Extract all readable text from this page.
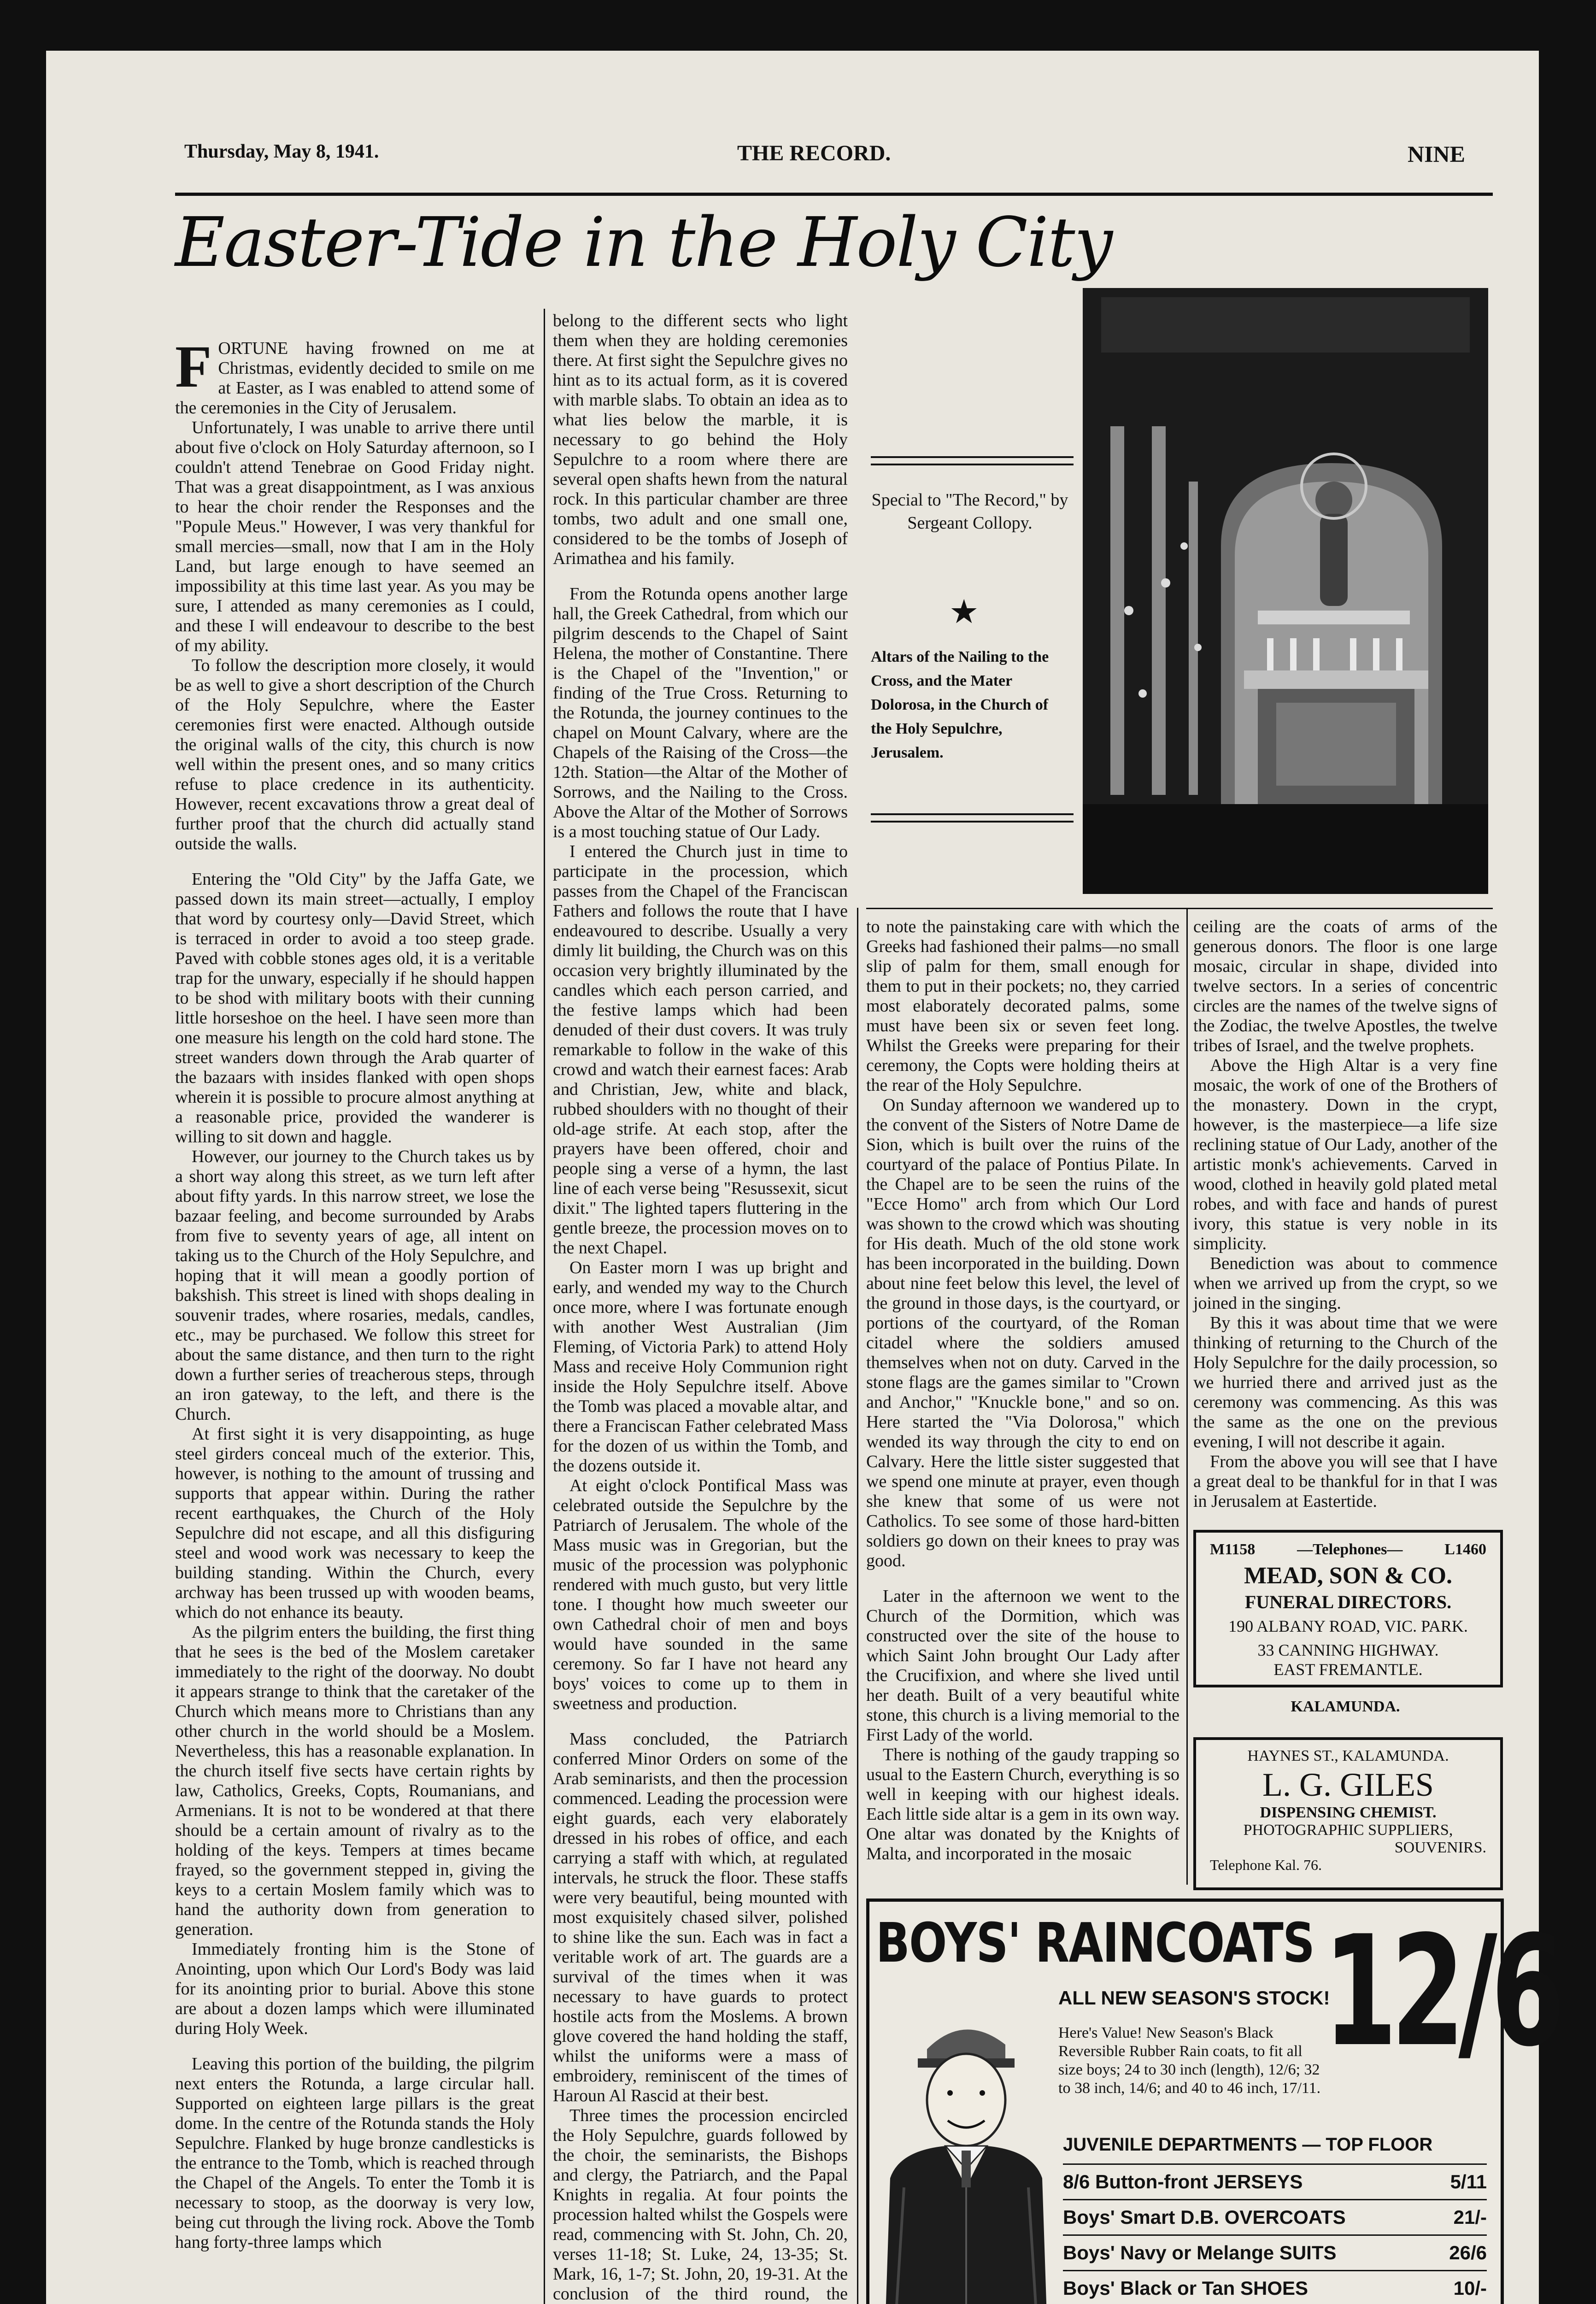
Thursday, May 8, 1941.	THE RECORD.	NINE
Easter-Tide in the Holy City

FORTUNE having frowned on me at Christmas, evidently decided to smile on me at Easter, as I was enabled to attend some of the ceremonies in the City of Jerusalem.

Unfortunately, I was unable to arrive there until about five o'clock on Holy Saturday afternoon, so I couldn't attend Tenebrae on Good Friday night. That was a great disappointment, as I was anxious to hear the choir render the Responses and the "Popule Meus." However, I was very thankful for small mercies—small, now that I am in the Holy Land, but large enough to have seemed an impossibility at this time last year. As you may be sure, I attended as many ceremonies as I could, and these I will endeavour to describe to the best of my ability.

To follow the description more closely, it would be as well to give a short description of the Church of the Holy Sepulchre, where the Easter ceremonies first were enacted. Although outside the original walls of the city, this church is now well within the present ones, and so many critics refuse to place credence in its authenticity. However, recent excavations throw a great deal of further proof that the church did actually stand outside the walls.

Entering the "Old City" by the Jaffa Gate, we passed down its main street—actually, I employ that word by courtesy only—David Street, which is terraced in order to avoid a too steep grade. Paved with cobble stones ages old, it is a veritable trap for the unwary, especially if he should happen to be shod with military boots with their cunning little horseshoe on the heel. I have seen more than one measure his length on the cold hard stone. The street wanders down through the Arab quarter of the bazaars with insides flanked with open shops wherein it is possible to procure almost anything at a reasonable price, provided the wanderer is willing to sit down and haggle.

However, our journey to the Church takes us by a short way along this street, as we turn left after about fifty yards. In this narrow street, we lose the bazaar feeling, and become surrounded by Arabs from five to seventy years of age, all intent on taking us to the Church of the Holy Sepulchre, and hoping that it will mean a goodly portion of bakshish. This street is lined with shops dealing in souvenir trades, where rosaries, medals, candles, etc., may be purchased. We follow this street for about the same distance, and then turn to the right down a further series of treacherous steps, through an iron gateway, to the left, and there is the Church.

At first sight it is very disappointing, as huge steel girders conceal much of the exterior. This, however, is nothing to the amount of trussing and supports that appear within. During the rather recent earthquakes, the Church of the Holy Sepulchre did not escape, and all this disfiguring steel and wood work was necessary to keep the building standing. Within the Church, every archway has been trussed up with wooden beams, which do not enhance its beauty.

As the pilgrim enters the building, the first thing that he sees is the bed of the Moslem caretaker immediately to the right of the doorway. No doubt it appears strange to think that the caretaker of the Church which means more to Christians than any other church in the world should be a Moslem. Nevertheless, this has a reasonable explanation. In the church itself five sects have certain rights by law, Catholics, Greeks, Copts, Roumanians, and Armenians. It is not to be wondered at that there should be a certain amount of rivalry as to the holding of the keys. Tempers at times became frayed, so the government stepped in, giving the keys to a certain Moslem family which was to hand the authority down from generation to generation.

Immediately fronting him is the Stone of Anointing, upon which Our Lord's Body was laid for its anointing prior to burial. Above this stone are about a dozen lamps which were illuminated during Holy Week.

Leaving this portion of the building, the pilgrim next enters the Rotunda, a large circular hall. Supported on eighteen large pillars is the great dome. In the centre of the Rotunda stands the Holy Sepulchre. Flanked by huge bronze candlesticks is the entrance to the Tomb, which is reached through the Chapel of the Angels. To enter the Tomb it is necessary to stoop, as the doorway is very low, being cut through the living rock. Above the Tomb hang forty-three lamps which

belong to the different sects who light them when they are holding ceremonies there. At first sight the Sepulchre gives no hint as to its actual form, as it is covered with marble slabs. To obtain an idea as to what lies below the marble, it is necessary to go behind the Holy Sepulchre to a room where there are several open shafts hewn from the natural rock. In this particular chamber are three tombs, two adult and one small one, considered to be the tombs of Joseph of Arimathea and his family.

From the Rotunda opens another large hall, the Greek Cathedral, from which our pilgrim descends to the Chapel of Saint Helena, the mother of Constantine. There is the Chapel of the "Invention," or finding of the True Cross. Returning to the Rotunda, the journey continues to the chapel on Mount Calvary, where are the Chapels of the Raising of the Cross—the 12th. Station—the Altar of the Mother of Sorrows, and the Nailing to the Cross. Above the Altar of the Mother of Sorrows is a most touching statue of Our Lady.

I entered the Church just in time to participate in the procession, which passes from the Chapel of the Franciscan Fathers and follows the route that I have endeavoured to describe. Usually a very dimly lit building, the Church was on this occasion very brightly illuminated by the candles which each person carried, and the festive lamps which had been denuded of their dust covers. It was truly remarkable to follow in the wake of this crowd and watch their earnest faces: Arab and Christian, Jew, white and black, rubbed shoulders with no thought of their old-age strife. At each stop, after the prayers have been offered, choir and people sing a verse of a hymn, the last line of each verse being "Resussexit, sicut dixit." The lighted tapers fluttering in the gentle breeze, the procession moves on to the next Chapel.

On Easter morn I was up bright and early, and wended my way to the Church once more, where I was fortunate enough with another West Australian (Jim Fleming, of Victoria Park) to attend Holy Mass and receive Holy Communion right inside the Holy Sepulchre itself. Above the Tomb was placed a movable altar, and there a Franciscan Father celebrated Mass for the dozen of us within the Tomb, and the dozens outside it.

At eight o'clock Pontifical Mass was celebrated outside the Sepulchre by the Patriarch of Jerusalem. The whole of the Mass music was in Gregorian, but the music of the procession was polyphonic rendered with much gusto, but very little tone. I thought how much sweeter our own Cathedral choir of men and boys would have sounded in the same ceremony. So far I have not heard any boys' voices to come up to them in sweetness and production.

Mass concluded, the Patriarch conferred Minor Orders on some of the Arab seminarists, and then the procession commenced. Leading the procession were eight guards, each very elaborately dressed in his robes of office, and each carrying a staff with which, at regulated intervals, he struck the floor. These staffs were very beautiful, being mounted with most exquisitely chased silver, polished to shine like the sun. Each was in fact a veritable work of art. The guards are a survival of the times when it was necessary to have guards to protect hostile acts from the Moslems. A brown glove covered the hand holding the staff, whilst the uniforms were a mass of embroidery, reminiscent of the times of Haroun Al Rascid at their best.

Three times the procession encircled the Holy Sepulchre, guards followed by the choir, the seminarists, the Bishops and clergy, the Patriarch, and the Papal Knights in regalia. At four points the procession halted whilst the Gospels were read, commencing with St. John, Ch. 20, verses 11-18; St. Luke, 24, 13-35; St. Mark, 16, 1-7; St. John, 20, 19-31. At the conclusion of the third round, the

Special to "The Record," by Sergeant Collopy.
★
Altars of the Nailing to the Cross, and the Mater Dolorosa, in the Church of the Holy Sepulchre, Jerusalem.

to note the painstaking care with which the Greeks had fashioned their palms—no small slip of palm for them, small enough for them to put in their pockets; no, they carried most elaborately decorated palms, some must have been six or seven feet long. Whilst the Greeks were preparing for their ceremony, the Copts were holding theirs at the rear of the Holy Sepulchre.

On Sunday afternoon we wandered up to the convent of the Sisters of Notre Dame de Sion, which is built over the ruins of the courtyard of the palace of Pontius Pilate. In the Chapel are to be seen the ruins of the "Ecce Homo" arch from which Our Lord was shown to the crowd which was shouting for His death. Much of the old stone work has been incorporated in the building. Down about nine feet below this level, the level of the ground in those days, is the courtyard, or portions of the courtyard, of the Roman citadel where the soldiers amused themselves when not on duty. Carved in the stone flags are the games similar to "Crown and Anchor," "Knuckle bone," and so on. Here started the "Via Dolorosa," which wended its way through the city to end on Calvary. Here the little sister suggested that we spend one minute at prayer, even though she knew that some of us were not Catholics. To see some of those hard-bitten soldiers go down on their knees to pray was good.

Later in the afternoon we went to the Church of the Dormition, which was constructed over the site of the house to which Saint John brought Our Lady after the Crucifixion, and where she lived until her death. Built of a very beautiful white stone, this church is a living memorial to the First Lady of the world.

There is nothing of the gaudy trapping so usual to the Eastern Church, everything is so well in keeping with our highest ideals. Each little side altar is a gem in its own way. One altar was donated by the Knights of Malta, and incorporated in the mosaic

ceiling are the coats of arms of the generous donors. The floor is one large mosaic, circular in shape, divided into twelve sectors. In a series of concentric circles are the names of the twelve signs of the Zodiac, the twelve Apostles, the twelve tribes of Israel, and the twelve prophets.

Above the High Altar is a very fine mosaic, the work of one of the Brothers of the monastery. Down in the crypt, however, is the masterpiece—a life size reclining statue of Our Lady, another of the artistic monk's achievements. Carved in wood, clothed in heavily gold plated metal robes, and with face and hands of purest ivory, this statue is very noble in its simplicity.

Benediction was about to commence when we arrived up from the crypt, so we joined in the singing.

By this it was about time that we were thinking of returning to the Church of the Holy Sepulchre for the daily procession, so we hurried there and arrived just as the ceremony was commencing. As this was the same as the one on the previous evening, I will not describe it again.

From the above you will see that I have a great deal to be thankful for in that I was in Jerusalem at Eastertide.

M1158	—Telephones—	L1460
MEAD, SON & CO.
FUNERAL DIRECTORS.
190 ALBANY ROAD, VIC. PARK.
33 CANNING HIGHWAY.
EAST FREMANTLE.
KALAMUNDA.
HAYNES ST., KALAMUNDA.
L. G. GILES
DISPENSING CHEMIST.
PHOTOGRAPHIC SUPPLIERS,
SOUVENIRS.
Telephone Kal. 76.
BOYS' RAINCOATS 12/6
ALL NEW SEASON'S STOCK!
Here's Value! New Season's Black Reversible Rubber Rain coats, to fit all size boys; 24 to 30 inch (length), 12/6; 32 to 38 inch, 14/6; and 40 to 46 inch, 17/11.
JUVENILE DEPARTMENTS — TOP FLOOR
8/6 Button-front JERSEYS	5/11
Boys' Smart D.B. OVERCOATS	21/-
Boys' Navy or Melange SUITS	26/6
Boys' Black or Tan SHOES	10/-
